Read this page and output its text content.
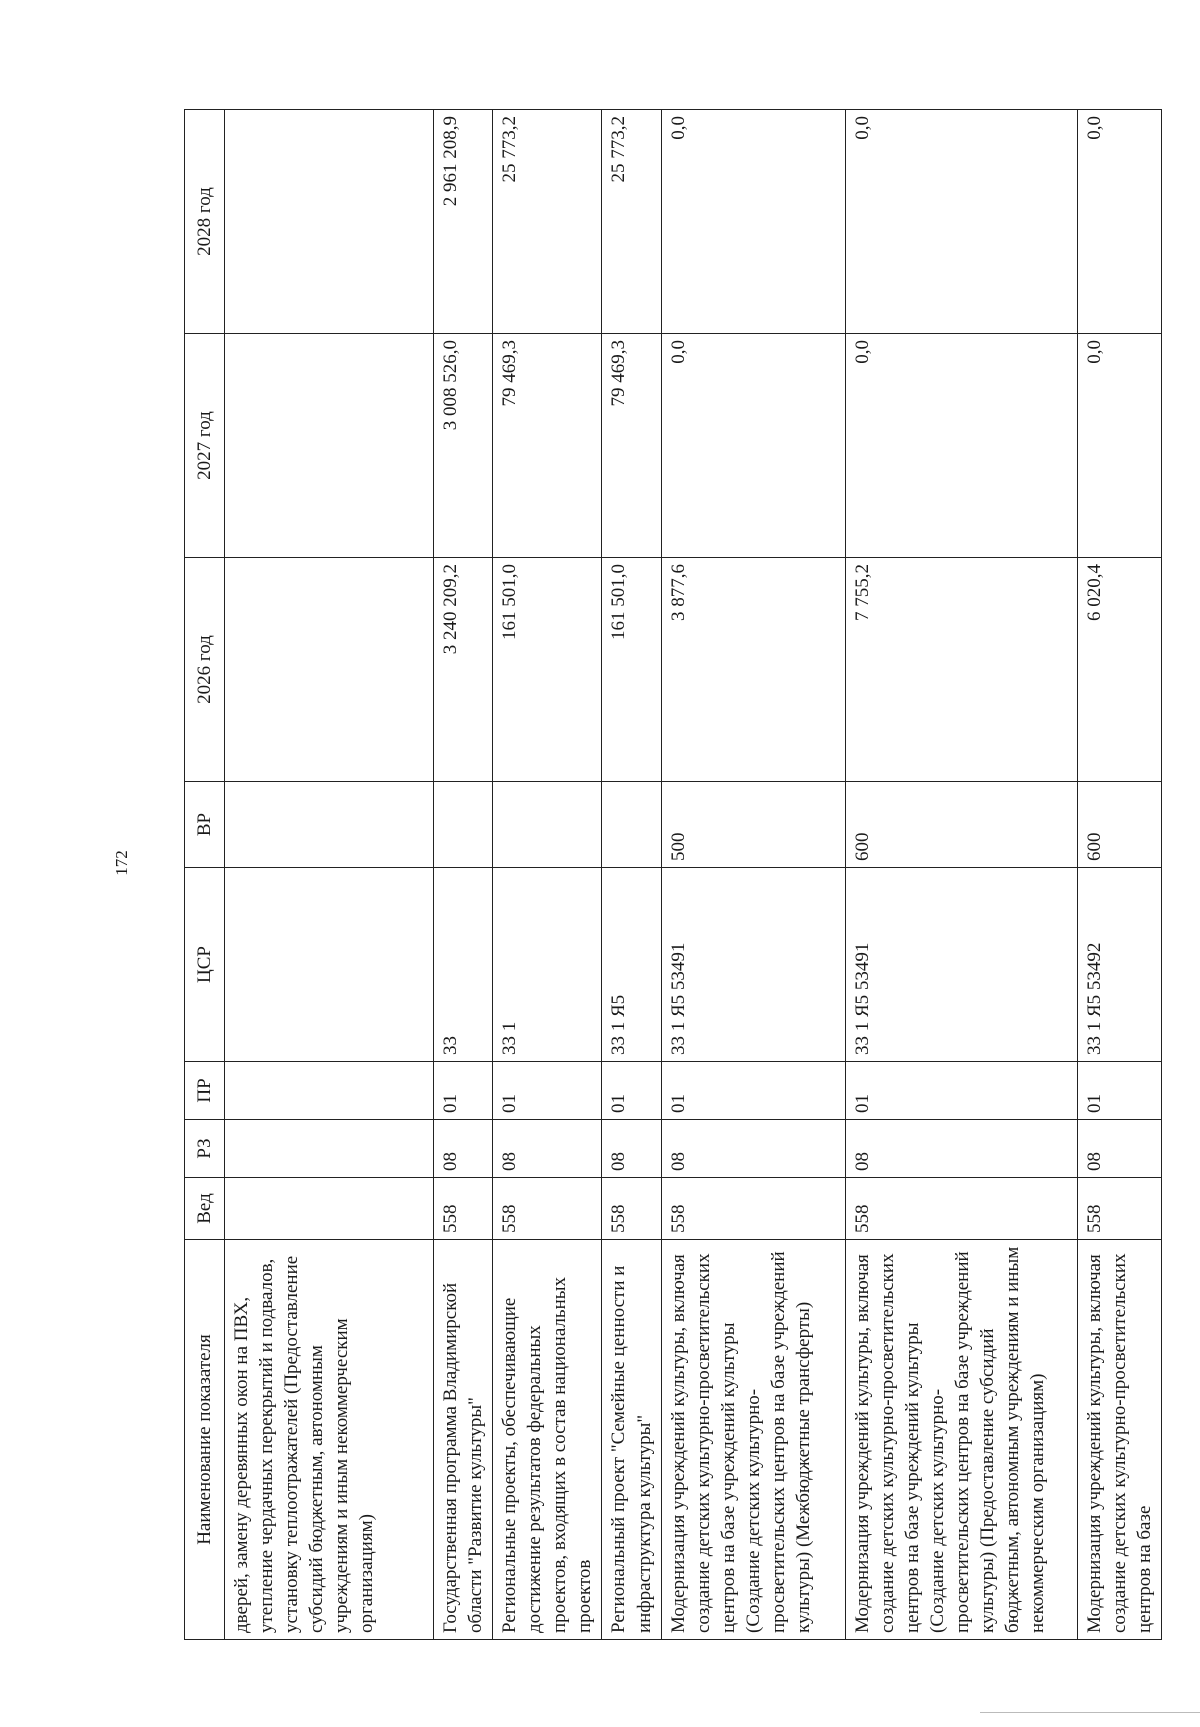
172
Наименование показателя	Вед	РЗ	ПР	ЦСР	ВР	2026 год	2027 год	2028 год
дверей, замену деревянных окон на ПВХ, утепление чердачных перекрытий и подвалов, установку теплоотражателей (Предоставление субсидий бюджетным, автономным учреждениям и иным некоммерческим организациям)								
Государственная программа Владимирской области "Развитие культуры"	558	08	01	33		3 240 209,2	3 008 526,0	2 961 208,9
Региональные проекты, обеспечивающие достижение результатов федеральных проектов, входящих в состав национальных проектов	558	08	01	33 1		161 501,0	79 469,3	25 773,2
Региональный проект "Семейные ценности и инфраструктура культуры"	558	08	01	33 1 Я5		161 501,0	79 469,3	25 773,2
Модернизация учреждений культуры, включая создание детских культурно-просветительских центров на базе учреждений культуры (Создание детских культурно-просветительских центров на базе учреждений культуры) (Межбюджетные трансферты)	558	08	01	33 1 Я5 53491	500	3 877,6	0,0	0,0
Модернизация учреждений культуры, включая создание детских культурно-просветительских центров на базе учреждений культуры (Создание детских культурно-просветительских центров на базе учреждений культуры) (Предоставление субсидий бюджетным, автономным учреждениям и иным некоммерческим организациям)	558	08	01	33 1 Я5 53491	600	7 755,2	0,0	0,0
Модернизация учреждений культуры, включая создание детских культурно-просветительских центров на базе	558	08	01	33 1 Я5 53492	600	6 020,4	0,0	0,0
